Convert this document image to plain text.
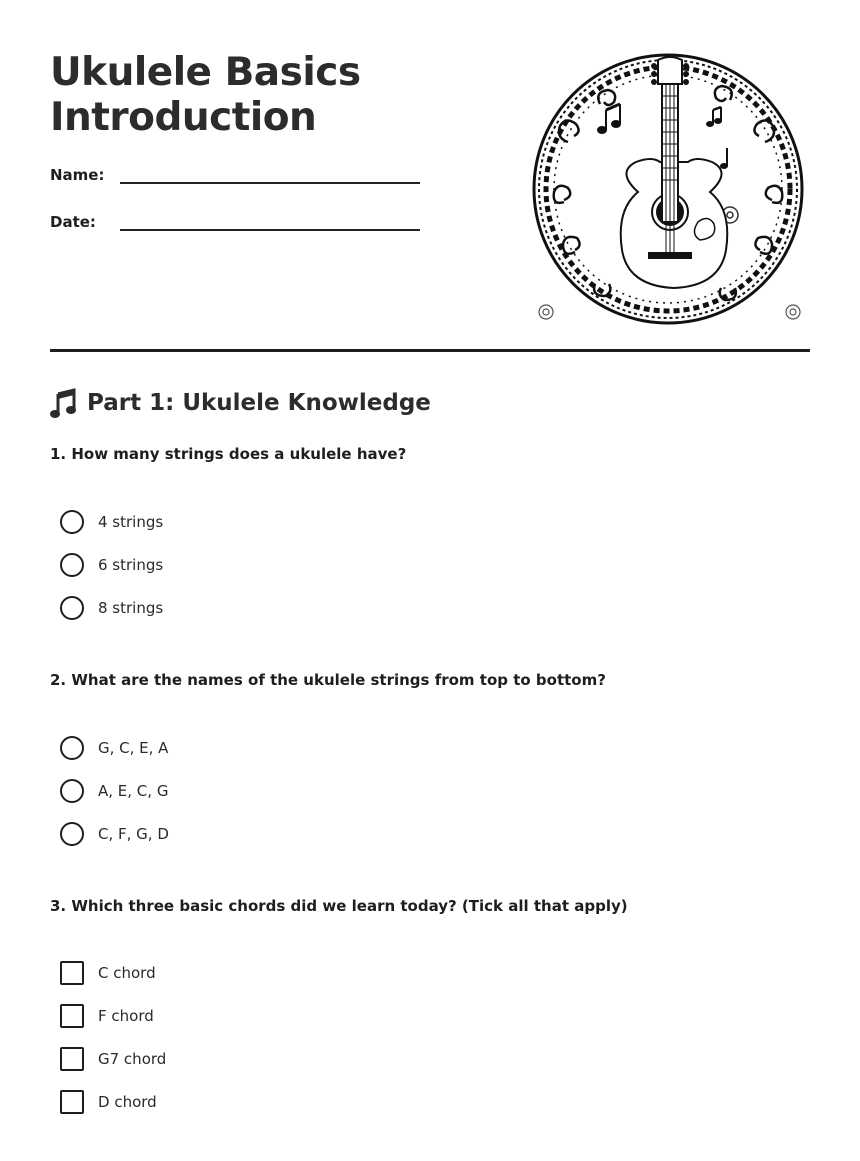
Ukulele Basics
Introduction
Name:
Date:
Part 1: Ukulele Knowledge
1. How many strings does a ukulele have?
4 strings
6 strings
8 strings
2. What are the names of the ukulele strings from top to bottom?
G, C, E, A
A, E, C, G
C, F, G, D
3. Which three basic chords did we learn today? (Tick all that apply)
C chord
F chord
G7 chord
D chord
